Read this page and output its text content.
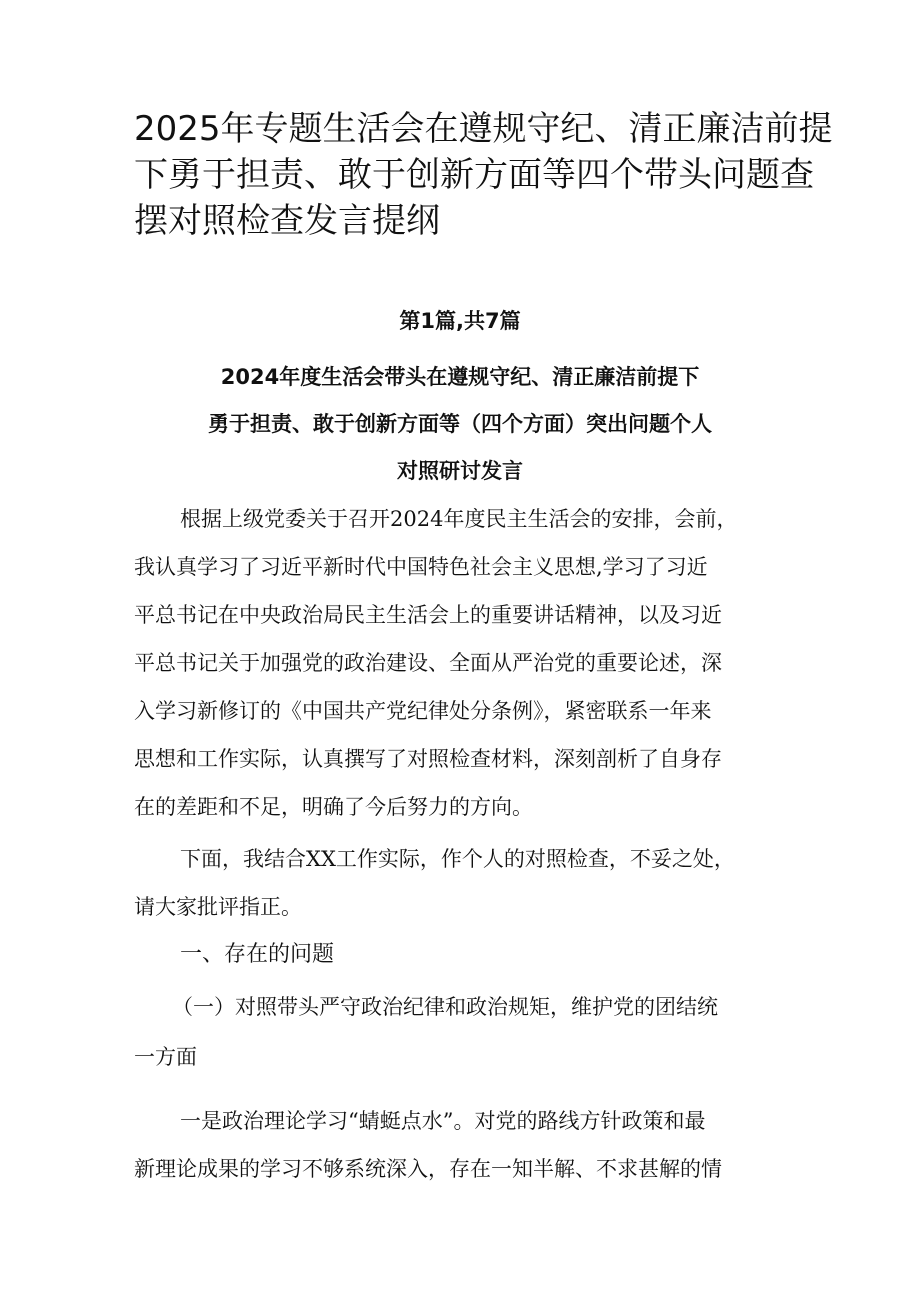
2025年专题生活会在遵规守纪、清正廉洁前提
下勇于担责、敢于创新方面等四个带头问题查
摆对照检查发言提纲
第1篇,共7篇
2024年度生活会带头在遵规守纪、清正廉洁前提下
勇于担责、敢于创新方面等（四个方面）突出问题个人
对照研讨发言

根据上级党委关于召开2024年度民主生活会的安排，会前，
我认真学习了习近平新时代中国特色社会主义思想,学习了习近
平总书记在中央政治局民主生活会上的重要讲话精神，以及习近
平总书记关于加强党的政治建设、全面从严治党的重要论述，深
入学习新修订的《中国共产党纪律处分条例》，紧密联系一年来
思想和工作实际，认真撰写了对照检查材料，深刻剖析了自身存
在的差距和不足，明确了今后努力的方向。

下面，我结合XX工作实际，作个人的对照检查，不妥之处，
请大家批评指正。

一、存在的问题

（一）对照带头严守政治纪律和政治规矩，维护党的团结统
一方面

一是政治理论学习“蜻蜓点水”。对党的路线方针政策和最
新理论成果的学习不够系统深入，存在一知半解、不求甚解的情
